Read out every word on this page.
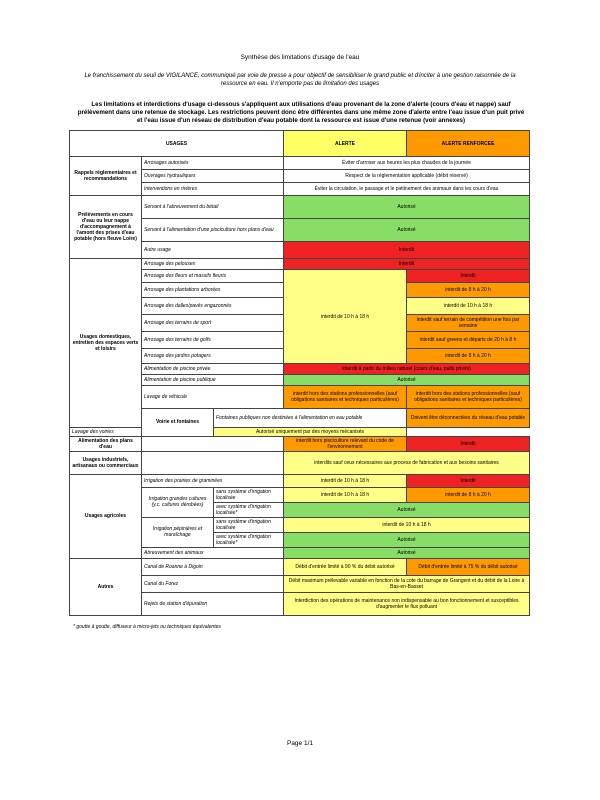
Synthèse des limitations d'usage de l'eau
Le franchissement du seuil de VIGILANCE, communiqué par voie de presse a pour objectif de sensibiliser le grand public et d'inciter à une gestion raisonnée de la ressource en eau. Il n'emporte pas de limitation des usages
Les limitations et interdictions d'usage ci-dessous s'appliquent aux utilisations d'eau provenant de la zone d'alerte (cours d'eau et nappe) sauf prélèvement dans une retenue de stockage. Les restrictions peuvent donc être différentes dans une même zone d'alerte entre l'eau issue d'un puit privé et l'eau issue d'un réseau de distribution d'eau potable dont la ressource est issue d'une retenue (voir annexes)
USAGES			ALERTE	ALERTE RENFORCEE	
Rappels réglementaires et recommandations	Arrosages autorisés		Éviter d'arroser aux heures les plus chaudes de la journée		
	Ouvrages hydrauliques		Respect de la réglementation applicable (débit réservé)		
	Interventions en rivières		Éviter la circulation, le passage et le piétinement des animaux dans les cours d'eau		
Prélèvements en cours d'eau ou leur nappe d'accompagnement à l'amont des prises d'eau potable (hors fleuve Loire)	Servant à l'abreuvement du bétail		Autorisé		
	Servant à l'alimentation d'une pisciculture hors plans d'eau		Autorisé		
	Autre usage		Interdit		
Usages domestiques, entretien des espaces verts et loisirs	Arrosage des pelouses		Interdit		
	Arrosage des fleurs et massifs fleuris		interdit de 10 h à 18 h	Interdit	
	Arrosage des plantations arborées			interdit de 8 h à 20 h	
	Arrosage des dalles/pavés engazonnés			interdit de 10 h à 18 h	
	Arrosage des terrains de sport			interdit sauf terrain de compétition une fois par semaine	
	Arrosage des terrains de golfs			interdit sauf greens et départs de 20 h à 8 h	
	Arrosage des jardins potagers			interdit de 8 h à 20 h	
	Alimentation de piscine privée		interdit à partir du milieu naturel (cours d'eau, puits privés)		
	Alimentation de piscine publique		Autorisé		
	Lavage de véhicule		interdit hors des stations professionnelles (sauf obligations sanitaires et techniques particulières)	interdit hors des stations professionnelles (sauf obligations sanitaires et techniques particulières)	
	Voirie et fontaines	Fontaines publiques non destinées à l'alimentation en eau potable		Doivent être déconnectées du réseau d'eau potable	
Lavage des voiries		Autorisé uniquement par des moyens mécanisés			
Alimentation des plans d'eau			interdit hors pisciculture relevant du code de l'environnement	Interdit	
Usages industriels, artisanaux ou commerciaux			interdits sauf ceux nécessaires aux process de fabrication et aux besoins sanitaires		
Usages agricoles	Irrigation des prairies de graminées		interdit de 10 h à 18 h	Interdit	
	Irrigation grandes cultures (y.c. cultures dérobées)	sans système d'irrigation localisée	interdit de 10 h à 18 h	interdit de 8 h à 20 h	
		avec système d'irrigation localisée*	Autorisé		
	Irrigation pépinières et maraîchage	sans système d'irrigation localisée	interdit de 10 h à 18 h		
		avec système d'irrigation localisée*	Autorisé		
	Abreuvement des animaux		Autorisé		
Autres	Canal de Roanne à Digoin		Débit d'entrée limité à 90 % du débit autorisé	Débit d'entrée limité à 75 % du débit autorisé	
	Canal du Forez		Débit maximum prélevable variable en fonction de la cote du barrage de Grangent et du débit de la Loire à Bas-en-Basset		
	Rejets de station d'épuration		Interdiction des opérations de maintenance non indispensable au bon fonctionnement et susceptibles d'augmenter le flux polluant		
* goutte à goutte, diffuseur à micro-jets ou techniques équivalentes
Page 1/1
